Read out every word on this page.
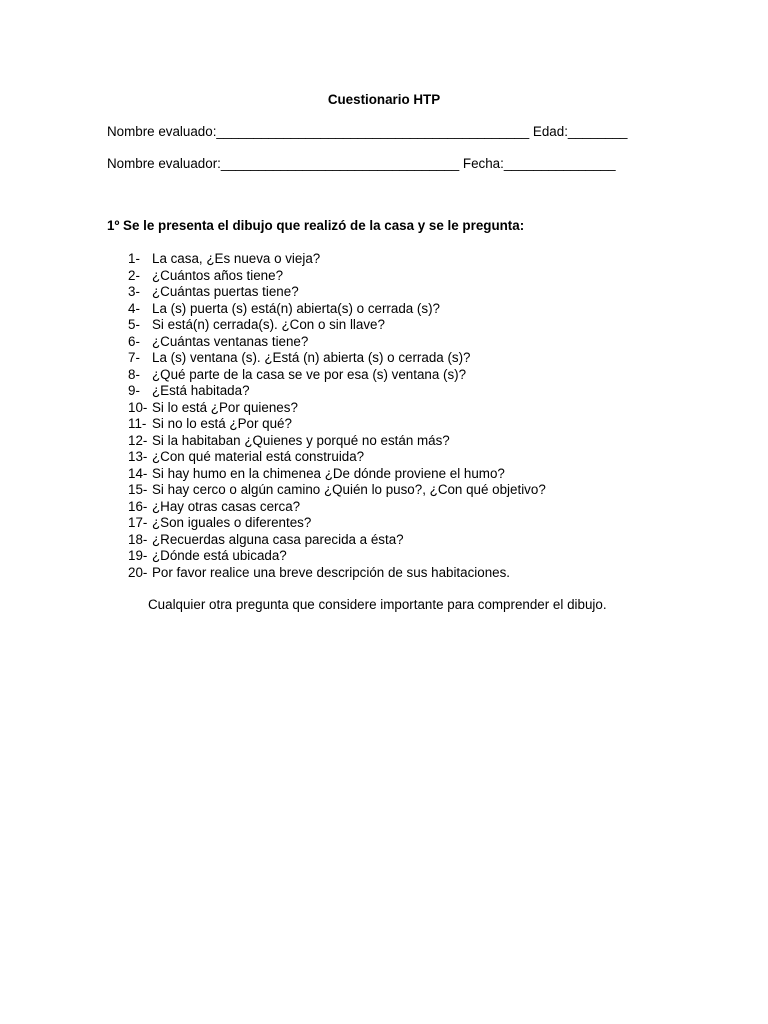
Cuestionario HTP
Nombre evaluado:__________________________________________ Edad:________
Nombre evaluador:________________________________ Fecha:_______________
1º Se le presenta el dibujo que realizó de la casa y se le pregunta:
1- La casa, ¿Es nueva o vieja?
2- ¿Cuántos años tiene?
3- ¿Cuántas puertas tiene?
4- La (s) puerta (s) está(n) abierta(s) o cerrada (s)?
5- Si está(n) cerrada(s). ¿Con o sin llave?
6- ¿Cuántas ventanas tiene?
7- La (s) ventana (s). ¿Está (n) abierta (s) o cerrada (s)?
8- ¿Qué parte de la casa se ve por esa (s) ventana (s)?
9- ¿Está habitada?
10- Si lo está ¿Por quienes?
11- Si no lo está ¿Por qué?
12- Si la habitaban ¿Quienes y porqué no están más?
13- ¿Con qué material está construida?
14- Si hay humo en la chimenea ¿De dónde proviene el humo?
15- Si hay cerco o algún camino ¿Quién lo puso?, ¿Con qué objetivo?
16- ¿Hay otras casas cerca?
17- ¿Son iguales o diferentes?
18- ¿Recuerdas alguna casa parecida a ésta?
19- ¿Dónde está ubicada?
20- Por favor realice una breve descripción de sus habitaciones.
Cualquier otra pregunta que considere importante para comprender el dibujo.
